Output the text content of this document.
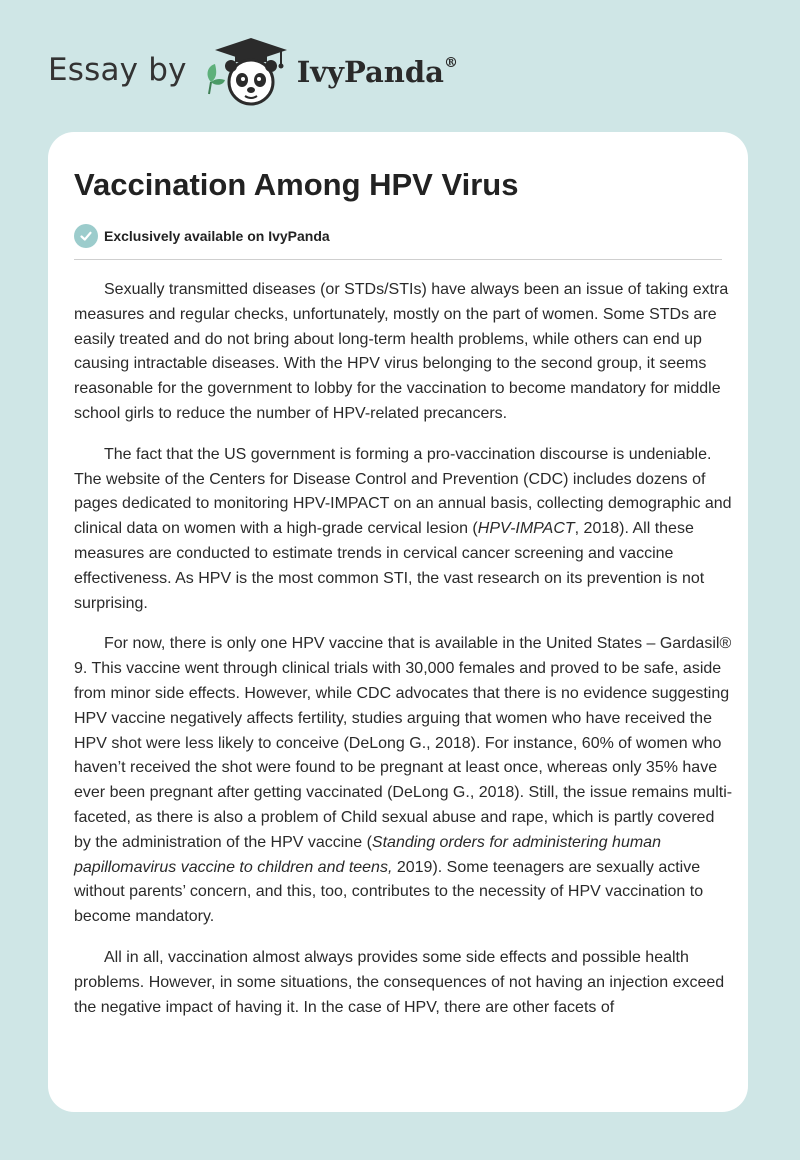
Essay by	IvyPanda®
Vaccination Among HPV Virus
Exclusively available on IvyPanda

Sexually transmitted diseases (or STDs/STIs) have always been an issue of taking extra measures and regular checks, unfortunately, mostly on the part of women. Some STDs are easily treated and do not bring about long-term health problems, while others can end up causing intractable diseases. With the HPV virus belonging to the second group, it seems reasonable for the government to lobby for the vaccination to become mandatory for middle school girls to reduce the number of HPV-related precancers.

The fact that the US government is forming a pro-vaccination discourse is undeniable. The website of the Centers for Disease Control and Prevention (CDC) includes dozens of pages dedicated to monitoring HPV-IMPACT on an annual basis, collecting demographic and clinical data on women with a high-grade cervical lesion (HPV-IMPACT, 2018). All these measures are conducted to estimate trends in cervical cancer screening and vaccine effectiveness. As HPV is the most common STI, the vast research on its prevention is not surprising.

For now, there is only one HPV vaccine that is available in the United States – Gardasil® 9. This vaccine went through clinical trials with 30,000 females and proved to be safe, aside from minor side effects. However, while CDC advocates that there is no evidence suggesting HPV vaccine negatively affects fertility, studies arguing that women who have received the HPV shot were less likely to conceive (DeLong G., 2018). For instance, 60% of women who haven’t received the shot were found to be pregnant at least once, whereas only 35% have ever been pregnant after getting vaccinated (DeLong G., 2018). Still, the issue remains multi-faceted, as there is also a problem of Child sexual abuse and rape, which is partly covered by the administration of the HPV vaccine (Standing orders for administering human papillomavirus vaccine to children and teens, 2019). Some teenagers are sexually active without parents’ concern, and this, too, contributes to the necessity of HPV vaccination to become mandatory.

All in all, vaccination almost always provides some side effects and possible health problems. However, in some situations, the consequences of not having an injection exceed the negative impact of having it. In the case of HPV, there are other facets of
